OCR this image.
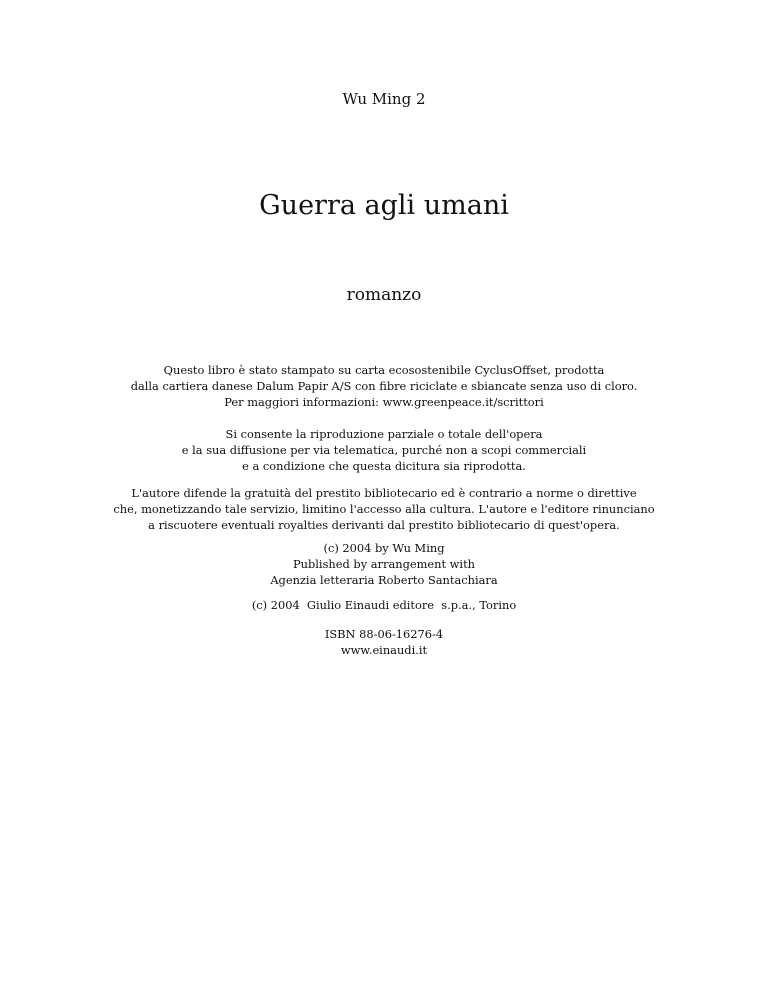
Wu Ming 2
Guerra agli umani
romanzo
Questo libro è stato stampato su carta ecosostenibile CyclusOffset, prodotta
dalla cartiera danese Dalum Papir A/S con fibre riciclate e sbiancate senza uso di cloro.
Per maggiori informazioni: www.greenpeace.it/scrittori
Si consente la riproduzione parziale o totale dell'opera
e la sua diffusione per via telematica, purché non a scopi commerciali
e a condizione che questa dicitura sia riprodotta.
L'autore difende la gratuità del prestito bibliotecario ed è contrario a norme o direttive
che, monetizzando tale servizio, limitino l'accesso alla cultura. L'autore e l'editore rinunciano
a riscuotere eventuali royalties derivanti dal prestito bibliotecario di quest'opera.
(c) 2004 by Wu Ming
Published by arrangement with
Agenzia letteraria Roberto Santachiara
(c) 2004  Giulio Einaudi editore  s.p.a., Torino
ISBN 88-06-16276-4
www.einaudi.it
